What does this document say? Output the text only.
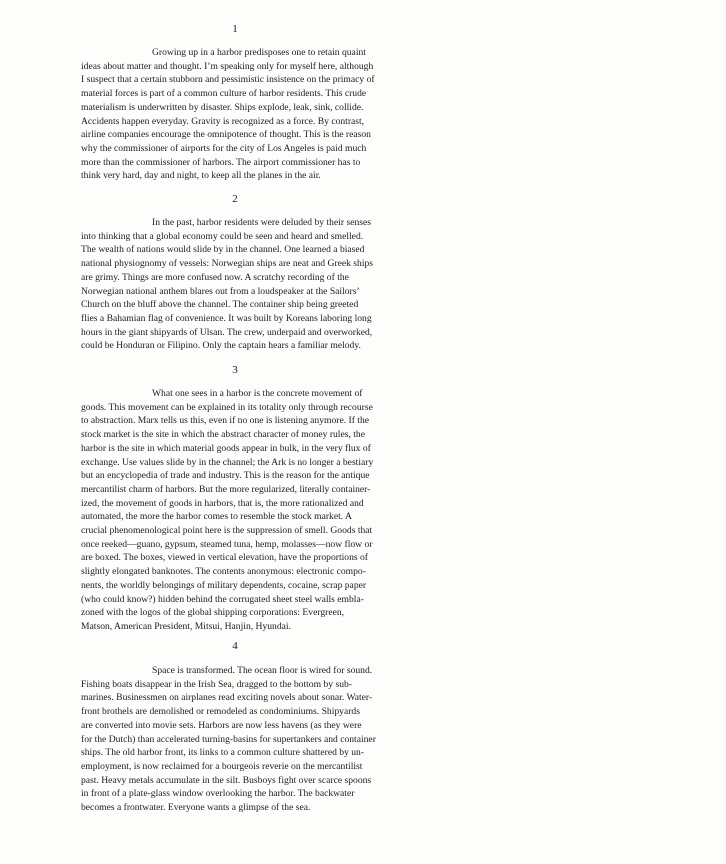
1
Growing up in a harbor predisposes one to retain quaint
ideas about matter and thought. I’m speaking only for myself here, although
I suspect that a certain stubborn and pessimistic insistence on the primacy of
material forces is part of a common culture of harbor residents. This crude
materialism is underwritten by disaster. Ships explode, leak, sink, collide.
Accidents happen everyday. Gravity is recognized as a force. By contrast,
airline companies encourage the omnipotence of thought. This is the reason
why the commissioner of airports for the city of Los Angeles is paid much
more than the commissioner of harbors. The airport commissioner has to
think very hard, day and night, to keep all the planes in the air.
2
In the past, harbor residents were deluded by their senses
into thinking that a global economy could be seen and heard and smelled.
The wealth of nations would slide by in the channel. One learned a biased
national physiognomy of vessels: Norwegian ships are neat and Greek ships
are grimy. Things are more confused now. A scratchy recording of the
Norwegian national anthem blares out from a loudspeaker at the Sailors’
Church on the bluff above the channel. The container ship being greeted
flies a Bahamian flag of convenience. It was built by Koreans laboring long
hours in the giant shipyards of Ulsan. The crew, underpaid and overworked,
could be Honduran or Filipino. Only the captain hears a familiar melody.
3
What one sees in a harbor is the concrete movement of
goods. This movement can be explained in its totality only through recourse
to abstraction. Marx tells us this, even if no one is listening anymore. If the
stock market is the site in which the abstract character of money rules, the
harbor is the site in which material goods appear in bulk, in the very flux of
exchange. Use values slide by in the channel; the Ark is no longer a bestiary
but an encyclopedia of trade and industry. This is the reason for the antique
mercantilist charm of harbors. But the more regularized, literally container-
ized, the movement of goods in harbors, that is, the more rationalized and
automated, the more the harbor comes to resemble the stock market. A
crucial phenomenological point here is the suppression of smell. Goods that
once reeked—guano, gypsum, steamed tuna, hemp, molasses—now flow or
are boxed. The boxes, viewed in vertical elevation, have the proportions of
slightly elongated banknotes. The contents anonymous: electronic compo-
nents, the worldly belongings of military dependents, cocaine, scrap paper
(who could know?) hidden behind the corrugated sheet steel walls embla-
zoned with the logos of the global shipping corporations: Evergreen,
Matson, American President, Mitsui, Hanjin, Hyundai.
4
Space is transformed. The ocean floor is wired for sound.
Fishing boats disappear in the Irish Sea, dragged to the bottom by sub-
marines. Businessmen on airplanes read exciting novels about sonar. Water-
front brothels are demolished or remodeled as condominiums. Shipyards
are converted into movie sets. Harbors are now less havens (as they were
for the Dutch) than accelerated turning-basins for supertankers and container
ships. The old harbor front, its links to a common culture shattered by un-
employment, is now reclaimed for a bourgeois reverie on the mercantilist
past. Heavy metals accumulate in the silt. Busboys fight over scarce spoons
in front of a plate-glass window overlooking the harbor. The backwater
becomes a frontwater. Everyone wants a glimpse of the sea.
